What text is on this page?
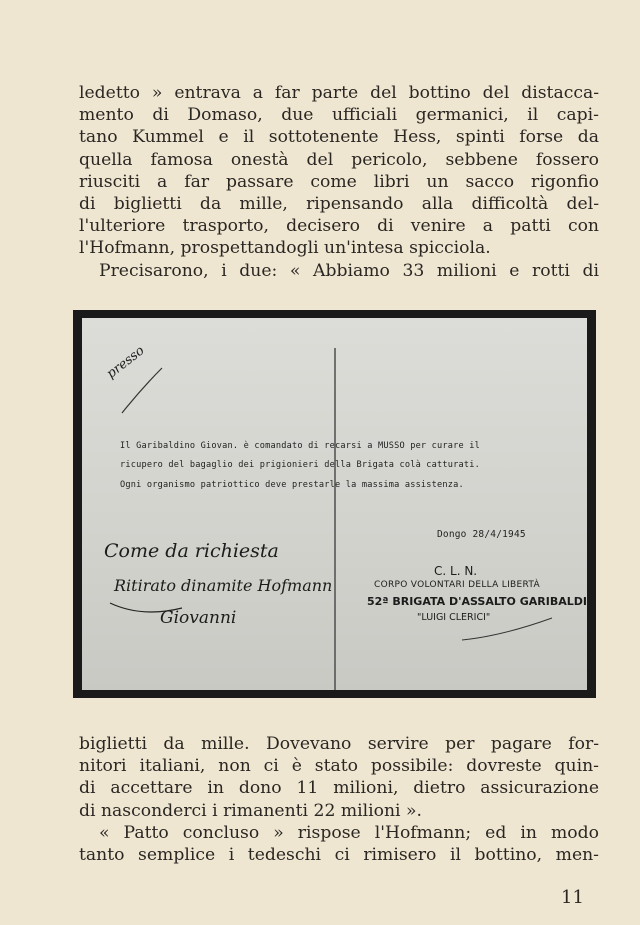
ledetto » entrava a far parte del bottino del distacca-
mento di Domaso, due ufficiali germanici, il capi-
tano Kummel e il sottotenente Hess, spinti forse da
quella famosa onestà del pericolo, sebbene fossero
riusciti a far passare come libri un sacco rigonfio
di biglietti da mille, ripensando alla difficoltà del-
l'ulteriore trasporto, decisero di venire a patti con
l'Hofmann, prospettandogli un'intesa spicciola.

Precisarono, i due: « Abbiamo 33 milioni e rotti di

presso
Il Garibaldino Giovan. è comandato di recarsi a MUSSO per curare il
ricupero del bagaglio dei prigionieri della Brigata colà catturati.
Ogni organismo patriottico deve prestarle la massima assistenza.
Dongo 28/4/1945
Come da richiesta
Ritirato dinamite Hofmann
Giovanni
C. L. N.
CORPO VOLONTARI DELLA LIBERTÀ
52ª BRIGATA D'ASSALTO GARIBALDI
"LUIGI CLERICI"

biglietti da mille. Dovevano servire per pagare for-
nitori italiani, non ci è stato possibile: dovreste quin-
di accettare in dono 11 milioni, dietro assicurazione
di nasconderci i rimanenti 22 milioni ».

« Patto concluso » rispose l'Hofmann; ed in modo
tanto semplice i tedeschi ci rimisero il bottino, men-

11
